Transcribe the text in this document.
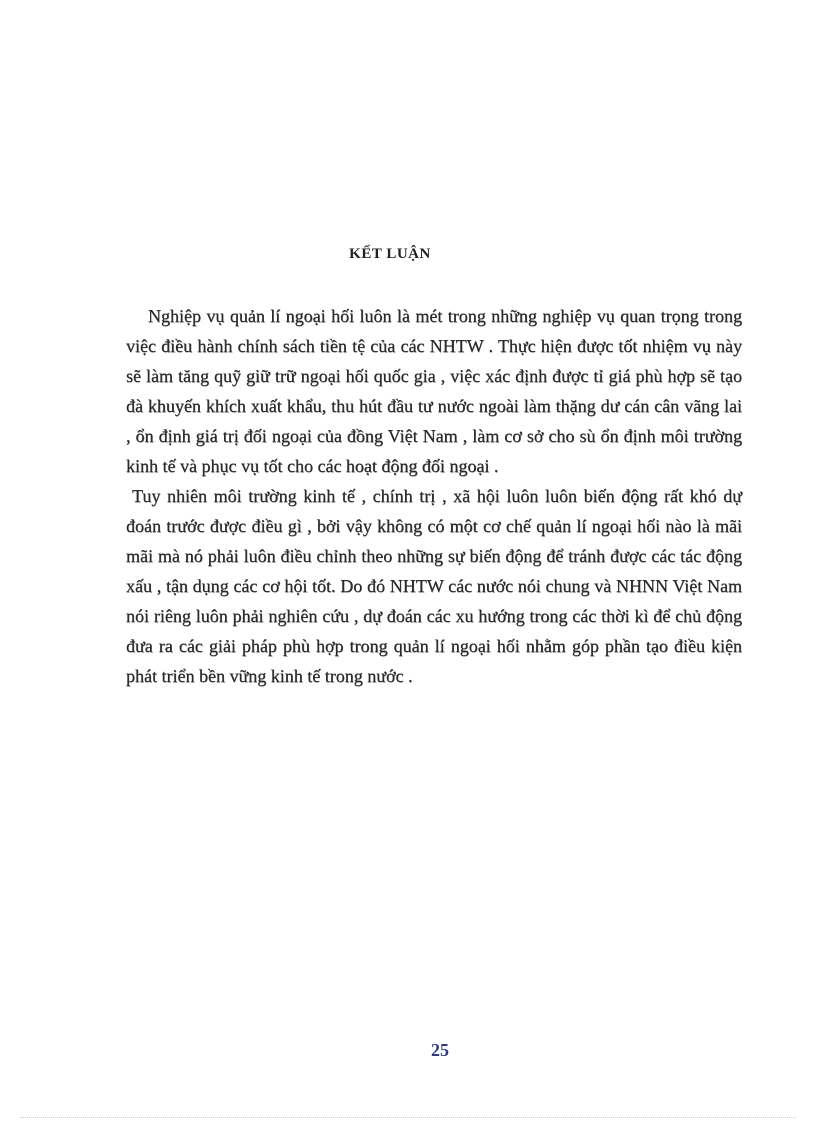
KẾT LUẬN

Nghiệp vụ quản lí ngoại hối luôn là mét trong những nghiệp vụ quan trọng trong việc điều hành chính sách tiền tệ của các NHTW . Thực hiện được tốt nhiệm vụ này sẽ làm tăng quỹ giữ trữ ngoại hối quốc gia , việc xác định được tỉ giá phù hợp sẽ tạo đà khuyến khích xuất khẩu, thu hút đầu tư nước ngoài làm thặng dư cán cân vãng lai , ổn định giá trị đối ngoại của đồng Việt Nam , làm cơ sở cho sù ổn định môi trường kinh tế và phục vụ tốt cho các hoạt động đối ngoại .

Tuy nhiên môi trường kinh tế , chính trị , xã hội luôn luôn biến động rất khó dự đoán trước được điều gì , bởi vậy không có một cơ chế quản lí ngoại hối nào là mãi mãi mà nó phải luôn điều chỉnh theo những sự biến động để tránh được các tác động xấu , tận dụng các cơ hội tốt. Do đó NHTW các nước nói chung và NHNN Việt Nam nói riêng luôn phải nghiên cứu , dự đoán các xu hướng trong các thời kì để chủ động đưa ra các giải pháp phù hợp trong quản lí ngoại hối nhằm góp phần tạo điều kiện phát triển bền vững kinh tế trong nước .

25
